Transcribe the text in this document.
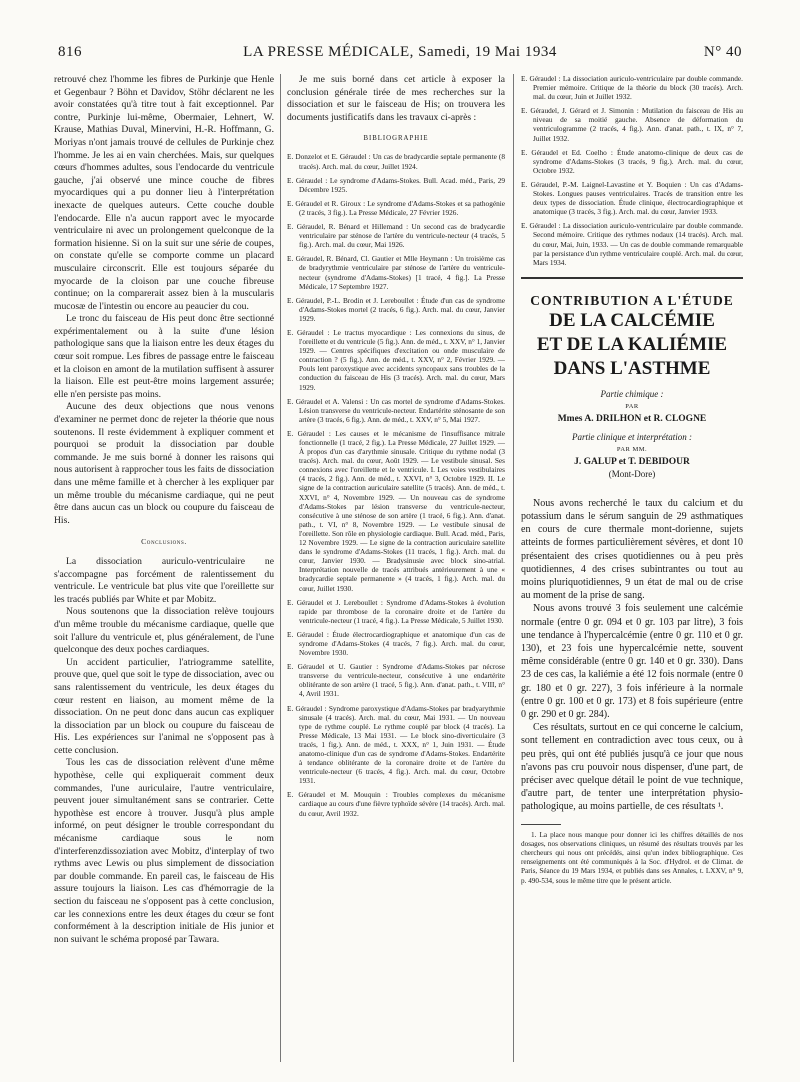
816	LA PRESSE MÉDICALE, Samedi, 19 Mai 1934	N° 40

retrouvé chez l'homme les fibres de Purkinje que Henle et Gegenbaur ? Böhn et Davidov, Stöhr déclarent ne les avoir constatées qu'à titre tout à fait exceptionnel. Par contre, Purkinje lui-même, Obermaier, Lehnert, W. Krause, Mathias Duval, Minervini, H.-R. Hoffmann, G. Moriyas n'ont jamais trouvé de cellules de Purkinje chez l'homme. Je les ai en vain cherchées. Mais, sur quelques cœurs d'hommes adultes, sous l'endocarde du ventricule gauche, j'ai observé une mince couche de fibres myocardiques qui a pu donner lieu à l'interprétation inexacte de quelques auteurs. Cette couche double l'endocarde. Elle n'a aucun rapport avec le myocarde ventriculaire ni avec un prolongement quelconque de la formation hisienne. Si on la suit sur une série de coupes, on constate qu'elle se comporte comme un placard musculaire circonscrit. Elle est toujours séparée du myocarde de la cloison par une couche fibreuse continue; on la comparerait assez bien à la muscularis mucosæ de l'intestin ou encore au peaucier du cou.

Le tronc du faisceau de His peut donc être sectionné expérimentalement ou à la suite d'une lésion pathologique sans que la liaison entre les deux étages du cœur soit rompue. Les fibres de passage entre le faisceau et la cloison en amont de la mutilation suffisent à assurer la liaison. Elle est peut-être moins largement assurée; elle n'en persiste pas moins.

Aucune des deux objections que nous venons d'examiner ne permet donc de rejeter la théorie que nous soutenons. Il reste évidemment à expliquer comment et pourquoi se produit la dissociation par double commande. Je me suis borné à donner les raisons qui nous autorisent à rapprocher tous les faits de dissociation dans une même famille et à chercher à les expliquer par un même trouble du mécanisme cardiaque, qui ne peut être dans aucun cas un block ou coupure du faisceau de His.

Conclusions.

La dissociation auriculo-ventriculaire ne s'accompagne pas forcément de ralentissement du ventricule. Le ventricule bat plus vite que l'oreillette sur les tracés publiés par White et par Mobitz.

Nous soutenons que la dissociation relève toujours d'un même trouble du mécanisme cardiaque, quelle que soit l'allure du ventricule et, plus généralement, de l'une quelconque des deux poches cardiaques.

Un accident particulier, l'atriogramme satellite, prouve que, quel que soit le type de dissociation, avec ou sans ralentissement du ventricule, les deux étages du cœur restent en liaison, au moment même de la dissociation. On ne peut donc dans aucun cas expliquer la dissociation par un block ou coupure du faisceau de His. Les expériences sur l'animal ne s'opposent pas à cette conclusion.

Tous les cas de dissociation relèvent d'une même hypothèse, celle qui expliquerait comment deux commandes, l'une auriculaire, l'autre ventriculaire, peuvent jouer simultanément sans se contrarier. Cette hypothèse est encore à trouver. Jusqu'à plus ample informé, on peut désigner le trouble correspondant du mécanisme cardiaque sous le nom d'interferenzdissoziation avec Mobitz, d'interplay of two rythms avec Lewis ou plus simplement de dissociation par double commande. En pareil cas, le faisceau de His assure toujours la liaison. Les cas d'hémorragie de la section du faisceau ne s'opposent pas à cette conclusion, car les connexions entre les deux étages du cœur se font conformément à la description initiale de His junior et non suivant le schéma proposé par Tawara.

Je me suis borné dans cet article à exposer la conclusion générale tirée de mes recherches sur la dissociation et sur le faisceau de His; on trouvera les documents justificatifs dans les travaux ci-après :

BIBLIOGRAPHIE
E. Donzelot et E. Géraudel : Un cas de bradycardie septale permanente (8 tracés). Arch. mal. du cœur, Juillet 1924.
E. Géraudel : Le syndrome d'Adams-Stokes. Bull. Acad. méd., Paris, 29 Décembre 1925.
E. Géraudel et R. Giroux : Le syndrome d'Adams-Stokes et sa pathogénie (2 tracés, 3 fig.). La Presse Médicale, 27 Février 1926.
E. Géraudel, R. Bénard et Hillemand : Un second cas de bradycardie ventriculaire par sténose de l'artère du ventricule-necteur (4 tracés, 5 fig.). Arch. mal. du cœur, Mai 1926.
E. Géraudel, R. Bénard, Cl. Gautier et Mlle Heymann : Un troisième cas de bradyrythmie ventriculaire par sténose de l'artère du ventricule-necteur (syndrome d'Adams-Stokes) [1 tracé, 4 fig.]. La Presse Médicale, 17 Septembre 1927.
E. Géraudel, P.-L. Brodin et J. Lereboullet : Étude d'un cas de syndrome d'Adams-Stokes mortel (2 tracés, 6 fig.). Arch. mal. du cœur, Janvier 1929.
E. Géraudel : Le tractus myocardique : Les connexions du sinus, de l'oreillette et du ventricule (5 fig.). Ann. de méd., t. XXV, n° 1, Janvier 1929. — Centres spécifiques d'excitation ou onde musculaire de contraction ? (5 fig.). Ann. de méd., t. XXV, n° 2, Février 1929. — Pouls lent paroxystique avec accidents syncopaux sans troubles de la conduction du faisceau de His (3 tracés). Arch. mal. du cœur, Mars 1929.
E. Géraudel et A. Valensi : Un cas mortel de syndrome d'Adams-Stokes. Lésion transverse du ventricule-necteur. Endartérite sténosante de son artère (3 tracés, 6 fig.). Ann. de méd., t. XXV, n° 5, Mai 1927.
E. Géraudel : Les causes et le mécanisme de l'insuffisance mitrale fonctionnelle (1 tracé, 2 fig.). La Presse Médicale, 27 Juillet 1929. — À propos d'un cas d'arythmie sinusale. Critique du rythme nodal (3 tracés). Arch. mal. du cœur, Août 1929. — Le vestibule sinusal. Ses connexions avec l'oreillette et le ventricule. I. Les voies vestibulaires (4 tracés, 2 fig.). Ann. de méd., t. XXVI, n° 3, Octobre 1929. II. Le signe de la contraction auriculaire satellite (5 tracés). Ann. de méd., t. XXVI, n° 4, Novembre 1929. — Un nouveau cas de syndrome d'Adams-Stokes par lésion transverse du ventricule-necteur, consécutive à une sténose de son artère (1 tracé, 6 fig.). Ann. d'anat. path., t. VI, n° 8, Novembre 1929. — Le vestibule sinusal de l'oreillette. Son rôle en physiologie cardiaque. Bull. Acad. méd., Paris, 12 Novembre 1929. — Le signe de la contraction auriculaire satellite dans le syndrome d'Adams-Stokes (11 tracés, 1 fig.). Arch. mal. du cœur, Janvier 1930. — Bradysinusie avec block sino-atrial. Interprétation nouvelle de tracés attribués antérieurement à une « bradycardie septale permanente » (4 tracés, 1 fig.). Arch. mal. du cœur, Juillet 1930.
E. Géraudel et J. Lereboullet : Syndrome d'Adams-Stokes à évolution rapide par thrombose de la coronaire droite et de l'artère du ventricule-necteur (1 tracé, 4 fig.). La Presse Médicale, 5 Juillet 1930.
E. Géraudel : Étude électrocardiographique et anatomique d'un cas de syndrome d'Adams-Stokes (4 tracés, 7 fig.). Arch. mal. du cœur, Novembre 1930.
E. Géraudel et U. Gautier : Syndrome d'Adams-Stokes par nécrose transverse du ventricule-necteur, consécutive à une endartérite oblitérante de son artère (1 tracé, 5 fig.). Ann. d'anat. path., t. VIII, n° 4, Avril 1931.
E. Géraudel : Syndrome paroxystique d'Adams-Stokes par bradyarythmie sinusale (4 tracés). Arch. mal. du cœur, Mai 1931. — Un nouveau type de rythme couplé. Le rythme couplé par block (4 tracés). La Presse Médicale, 13 Mai 1931. — Le block sino-diverticulaire (3 tracés, 1 fig.). Ann. de méd., t. XXX, n° 1, Juin 1931. — Étude anatomo-clinique d'un cas de syndrome d'Adams-Stokes. Endartérite à tendance oblitérante de la coronaire droite et de l'artère du ventricule-necteur (6 tracés, 4 fig.). Arch. mal. du cœur, Octobre 1931.
E. Géraudel et M. Mouquin : Troubles complexes du mécanisme cardiaque au cours d'une fièvre typhoïde sévère (14 tracés). Arch. mal. du cœur, Avril 1932.
E. Géraudel : La dissociation auriculo-ventriculaire par double commande. Premier mémoire. Critique de la théorie du block (30 tracés). Arch. mal. du cœur, Juin et Juillet 1932.
E. Géraudel, J. Gérard et J. Simonin : Mutilation du faisceau de His au niveau de sa moitié gauche. Absence de déformation du ventriculogramme (2 tracés, 4 fig.). Ann. d'anat. path., t. IX, n° 7, Juillet 1932.
E. Géraudel et Ed. Coelho : Étude anatomo-clinique de deux cas de syndrome d'Adams-Stokes (3 tracés, 9 fig.). Arch. mal. du cœur, Octobre 1932.
E. Géraudel, P.-M. Laignel-Lavastine et Y. Boquien : Un cas d'Adams-Stokes. Longues pauses ventriculaires. Tracés de transition entre les deux types de dissociation. Étude clinique, électrocardiographique et anatomique (3 tracés, 3 fig.). Arch. mal. du cœur, Janvier 1933.
E. Géraudel : La dissociation auriculo-ventriculaire par double commande. Second mémoire. Critique des rythmes nodaux (14 tracés). Arch. mal. du cœur, Mai, Juin, 1933. — Un cas de double commande remarquable par la persistance d'un rythme ventriculaire couplé. Arch. mal. du cœur, Mars 1934.
CONTRIBUTION A L'ÉTUDE
DE LA CALCÉMIE
ET DE LA KALIÉMIE
DANS L'ASTHME
Partie chimique :
PAR
Mmes A. DRILHON et R. CLOGNE
Partie clinique et interprétation :
PAR MM.
J. GALUP et T. DEBIDOUR
(Mont-Dore)

Nous avons recherché le taux du calcium et du potassium dans le sérum sanguin de 29 asthmatiques en cours de cure thermale mont-dorienne, sujets atteints de formes particulièrement sévères, et dont 10 présentaient des crises quotidiennes ou à peu près quotidiennes, 4 des crises subintrantes ou tout au moins pluriquotidiennes, 9 un état de mal ou de crise au moment de la prise de sang.

Nous avons trouvé 3 fois seulement une calcémie normale (entre 0 gr. 094 et 0 gr. 103 par litre), 3 fois une tendance à l'hypercalcémie (entre 0 gr. 110 et 0 gr. 130), et 23 fois une hypercalcémie nette, souvent même considérable (entre 0 gr. 140 et 0 gr. 330). Dans 23 de ces cas, la kaliémie a été 12 fois normale (entre 0 gr. 180 et 0 gr. 227), 3 fois inférieure à la normale (entre 0 gr. 100 et 0 gr. 173) et 8 fois supérieure (entre 0 gr. 290 et 0 gr. 284).

Ces résultats, surtout en ce qui concerne le calcium, sont tellement en contradiction avec tous ceux, ou à peu près, qui ont été publiés jusqu'à ce jour que nous n'avons pas cru pouvoir nous dispenser, d'une part, de préciser avec quelque détail le point de vue technique, d'autre part, de tenter une interprétation physio-pathologique, au moins partielle, de ces résultats ¹.

1. La place nous manque pour donner ici les chiffres détaillés de nos dosages, nos observations cliniques, un résumé des résultats trouvés par les chercheurs qui nous ont précédés, ainsi qu'un index bibliographique. Ces renseignements ont été communiqués à la Soc. d'Hydrol. et de Climat. de Paris, Séance du 19 Mars 1934, et publiés dans ses Annales, t. LXXV, n° 9, p. 490-534, sous le même titre que le présent article.
